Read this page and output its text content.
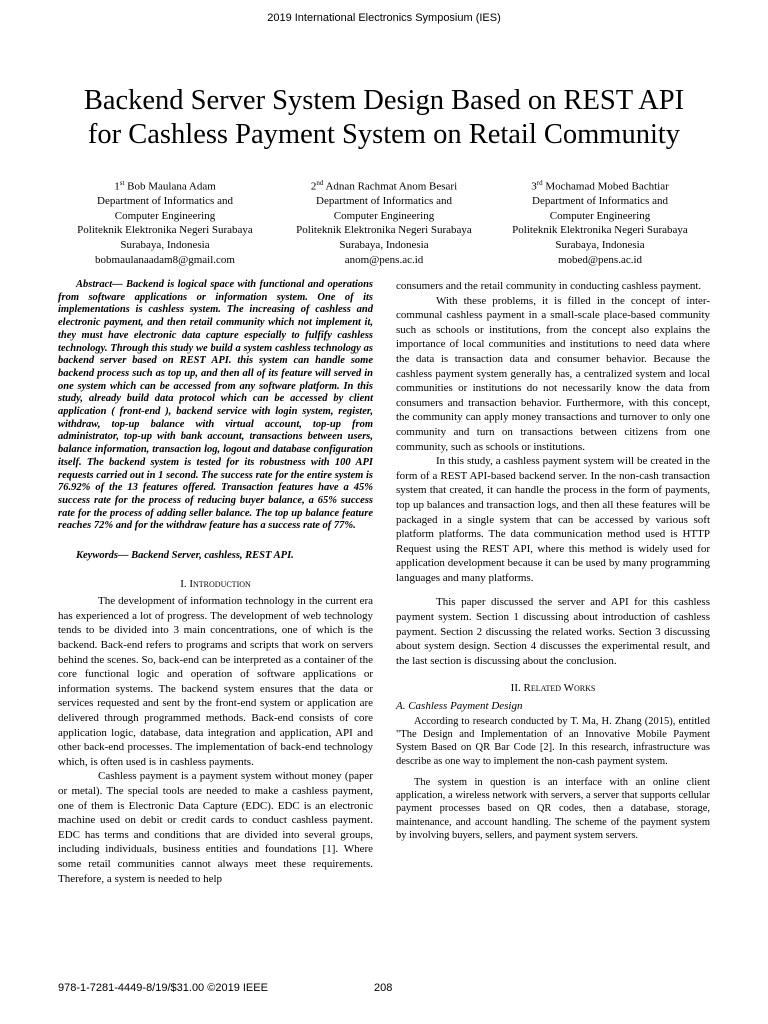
2019 International Electronics Symposium (IES)
Backend Server System Design Based on REST API
for Cashless Payment System on Retail Community
1st Bob Maulana Adam
Department of Informatics and
Computer Engineering
Politeknik Elektronika Negeri Surabaya
Surabaya, Indonesia
bobmaulanaadam8@gmail.com
2nd Adnan Rachmat Anom Besari
Department of Informatics and
Computer Engineering
Politeknik Elektronika Negeri Surabaya
Surabaya, Indonesia
anom@pens.ac.id
3rd Mochamad Mobed Bachtiar
Department of Informatics and
Computer Engineering
Politeknik Elektronika Negeri Surabaya
Surabaya, Indonesia
mobed@pens.ac.id

Abstract— Backend is logical space with functional and operations from software applications or information system. One of its implementations is cashless system. The increasing of cashless and electronic payment, and then retail community which not implement it, they must have electronic data capture especially to fulfify cashless technology. Through this study we build a system cashless technology as backend server based on REST API. this system can handle some backend process such as top up, and then all of its feature will served in one system which can be accessed from any software platform. In this study, already build data protocol which can be accessed by client application ( front-end ), backend service with login system, register, withdraw, top-up balance with virtual account, top-up from administrator, top-up with bank account, transactions between users, balance information, transaction log, logout and database configuration itself. The backend system is tested for its robustness with 100 API requests carried out in 1 second. The success rate for the entire system is 76.92% of the 13 features offered. Transaction features have a 45% success rate for the process of reducing buyer balance, a 65% success rate for the process of adding seller balance. The top up balance feature reaches 72% and for the withdraw feature has a success rate of 77%.

Keywords— Backend Server, cashless, REST API.

I. Introduction

The development of information technology in the current era has experienced a lot of progress. The development of web technology tends to be divided into 3 main concentrations, one of which is the backend. Back-end refers to programs and scripts that work on servers behind the scenes. So, back-end can be interpreted as a container of the core functional logic and operation of software applications or information systems. The backend system ensures that the data or services requested and sent by the front-end system or application are delivered through programmed methods. Back-end consists of core application logic, database, data integration and application, API and other back-end processes. The implementation of back-end technology which, is often used is in cashless payments.

Cashless payment is a payment system without money (paper or metal). The special tools are needed to make a cashless payment, one of them is Electronic Data Capture (EDC). EDC is an electronic machine used on debit or credit cards to conduct cashless payment. EDC has terms and conditions that are divided into several groups, including individuals, business entities and foundations [1]. Where some retail communities cannot always meet these requirements. Therefore, a system is needed to help

consumers and the retail community in conducting cashless payment.

With these problems, it is filled in the concept of inter-communal cashless payment in a small-scale place-based community such as schools or institutions, from the concept also explains the importance of local communities and institutions to need data where the data is transaction data and consumer behavior. Because the cashless payment system generally has, a centralized system and local communities or institutions do not necessarily know the data from consumers and transaction behavior. Furthermore, with this concept, the community can apply money transactions and turnover to only one community and turn on transactions between citizens from one community, such as schools or institutions.

In this study, a cashless payment system will be created in the form of a REST API-based backend server. In the non-cash transaction system that created, it can handle the process in the form of payments, top up balances and transaction logs, and then all these features will be packaged in a single system that can be accessed by various soft platform platforms. The data communication method used is HTTP Request using the REST API, where this method is widely used for application development because it can be used by many programming languages and many platforms.

This paper discussed the server and API for this cashless payment system. Section 1 discussing about introduction of cashless payment. Section 2 discussing the related works. Section 3 discussing about system design. Section 4 discusses the experimental result, and the last section is discussing about the conclusion.

II. Related Works

A. Cashless Payment Design

According to research conducted by T. Ma, H. Zhang (2015), entitled "The Design and Implementation of an Innovative Mobile Payment System Based on QR Bar Code [2]. In this research, infrastructure was describe as one way to implement the non-cash payment system.

The system in question is an interface with an online client application, a wireless network with servers, a server that supports cellular payment processes based on QR codes, then a database, storage, maintenance, and account handling. The scheme of the payment system by involving buyers, sellers, and payment system servers.

978-1-7281-4449-8/19/$31.00 ©2019 IEEE	208
